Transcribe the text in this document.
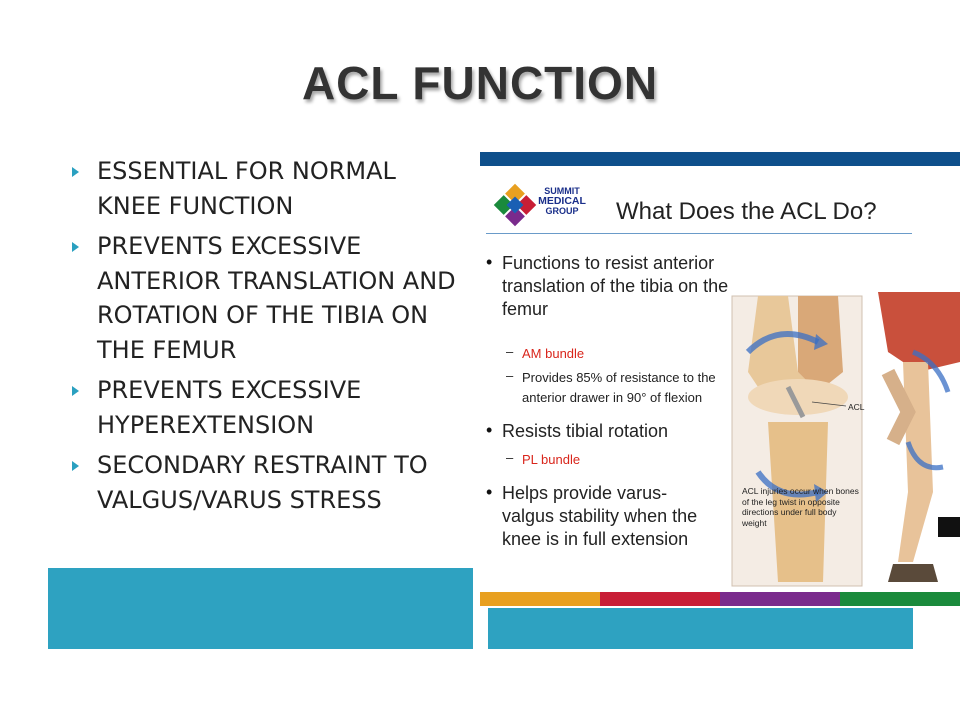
ACL FUNCTION
ESSENTIAL FOR NORMAL KNEE FUNCTION
PREVENTS EXCESSIVE ANTERIOR TRANSLATION AND ROTATION OF THE TIBIA ON THE FEMUR
PREVENTS EXCESSIVE HYPEREXTENSION
SECONDARY RESTRAINT TO VALGUS/VARUS STRESS
SUMMIT
MEDICAL
GROUP	What Does the ACL Do?
• Functions to resist anterior translation of the tibia on the femur
– AM bundle
– Provides 85% of resistance to the anterior drawer in 90° of flexion
• Resists tibial rotation
– PL bundle
• Helps provide varus-valgus stability when the knee is in full extension
ACL
ACL injuries occur when bones of the leg twist in opposite directions under full body weight
